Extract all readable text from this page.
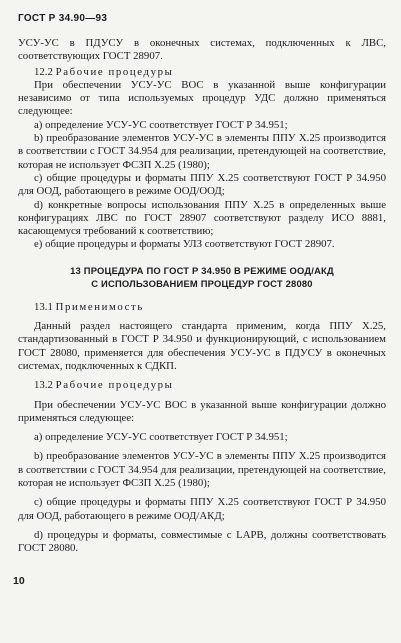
ГОСТ Р 34.90—93

УСУ-УС в ПДУСУ в оконечных системах, подключенных к ЛВС, соответствующих ГОСТ 28907.

12.2 Рабочие процедуры

При обеспечении УСУ-УС ВОС в указанной выше конфигурации независимо от типа используемых процедур УДС должно применяться следующее:

a) определение УСУ-УС соответствует ГОСТ Р 34.951;

b) преобразование элементов УСУ-УС в элементы ППУ Х.25 производится в соответствии с ГОСТ 34.954 для реализации, претендующей на соответствие, которая не использует ФСЗП Х.25 (1980);

c) общие процедуры и форматы ППУ Х.25 соответствуют ГОСТ Р 34.950 для ООД, работающего в режиме ООД/ООД;

d) конкретные вопросы использования ППУ Х.25 в определенных выше конфигурациях ЛВС по ГОСТ 28907 соответствуют разделу ИСО 8881, касающемуся требований к соответствию;

e) общие процедуры и форматы УЛЗ соответствуют ГОСТ 28907.

13 ПРОЦЕДУРА ПО ГОСТ Р 34.950 В РЕЖИМЕ ООД/АКД
С ИСПОЛЬЗОВАНИЕМ ПРОЦЕДУР ГОСТ 28080

13.1 Применимость

Данный раздел настоящего стандарта применим, когда ППУ Х.25, стандартизованный в ГОСТ Р 34.950 и функционирующий, с использованием ГОСТ 28080, применяется для обеспечения УСУ-УС в ПДУСУ в оконечных системах, подключенных к СДКП.

13.2 Рабочие процедуры

При обеспечении УСУ-УС ВОС в указанной выше конфигурации должно применяться следующее:

a) определение УСУ-УС соответствует ГОСТ Р 34.951;

b) преобразование элементов УСУ-УС в элементы ППУ Х.25 производится в соответствии с ГОСТ 34.954 для реализации, претендующей на соответствие, которая не использует ФСЗП Х.25 (1980);

c) общие процедуры и форматы ППУ Х.25 соответствуют ГОСТ Р 34.950 для ООД, работающего в режиме ООД/АКД;

d) процедуры и форматы, совместимые с LAPB, должны соответствовать ГОСТ 28080.

10
